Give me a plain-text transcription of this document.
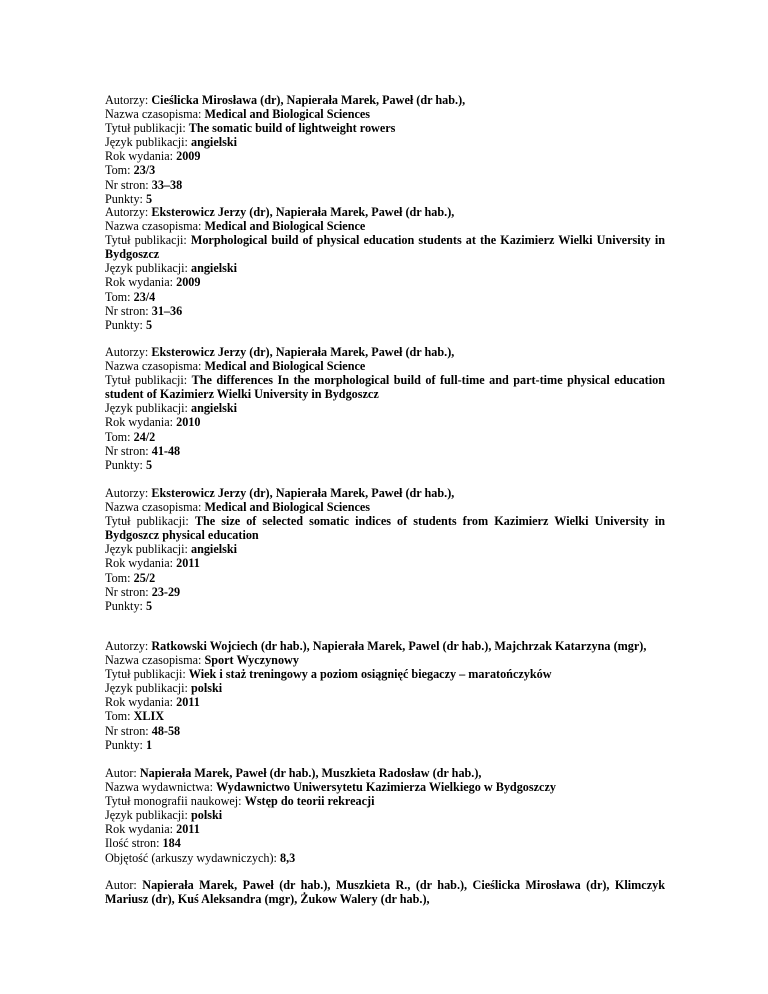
Autorzy: Cieślicka Mirosława (dr), Napierała Marek, Paweł (dr hab.),
Nazwa czasopisma: Medical and Biological Sciences
Tytuł publikacji: The somatic build of lightweight rowers
Język publikacji: angielski
Rok wydania: 2009
Tom: 23/3
Nr stron: 33–38
Punkty: 5
Autorzy: Eksterowicz Jerzy (dr), Napierała Marek, Paweł (dr hab.),
Nazwa czasopisma: Medical and Biological Science
Tytuł publikacji: Morphological build of physical education students at the Kazimierz Wielki University in Bydgoszcz
Język publikacji: angielski
Rok wydania: 2009
Tom: 23/4
Nr stron: 31–36
Punkty: 5
Autorzy: Eksterowicz Jerzy (dr), Napierała Marek, Paweł (dr hab.),
Nazwa czasopisma: Medical and Biological Science
Tytuł publikacji: The differences In the morphological build of full-time and part-time physical education student of Kazimierz Wielki University in Bydgoszcz
Język publikacji: angielski
Rok wydania: 2010
Tom: 24/2
Nr stron: 41-48
Punkty: 5
Autorzy: Eksterowicz Jerzy (dr), Napierała Marek, Paweł (dr hab.),
Nazwa czasopisma: Medical and Biological Sciences
Tytuł publikacji: The size of selected somatic indices of students from Kazimierz Wielki University in Bydgoszcz physical education
Język publikacji: angielski
Rok wydania: 2011
Tom: 25/2
Nr stron: 23-29
Punkty: 5
Autorzy: Ratkowski Wojciech (dr hab.), Napierała Marek, Pawel (dr hab.), Majchrzak Katarzyna (mgr),
Nazwa czasopisma: Sport Wyczynowy
Tytuł publikacji: Wiek i staż treningowy a poziom osiągnięć biegaczy – maratończyków
Język publikacji: polski
Rok wydania: 2011
Tom: XLIX
Nr stron: 48-58
Punkty: 1
Autor: Napierała Marek, Paweł (dr hab.), Muszkieta Radosław (dr hab.),
Nazwa wydawnictwa: Wydawnictwo Uniwersytetu Kazimierza Wielkiego w Bydgoszczy
Tytuł monografii naukowej: Wstęp do teorii rekreacji
Język publikacji: polski
Rok wydania: 2011
Ilość stron: 184
Objętość (arkuszy wydawniczych): 8,3
Autor: Napierała Marek, Paweł (dr hab.), Muszkieta R., (dr hab.), Cieślicka Mirosława (dr), Klimczyk Mariusz (dr), Kuś Aleksandra (mgr), Żukow Walery (dr hab.),
